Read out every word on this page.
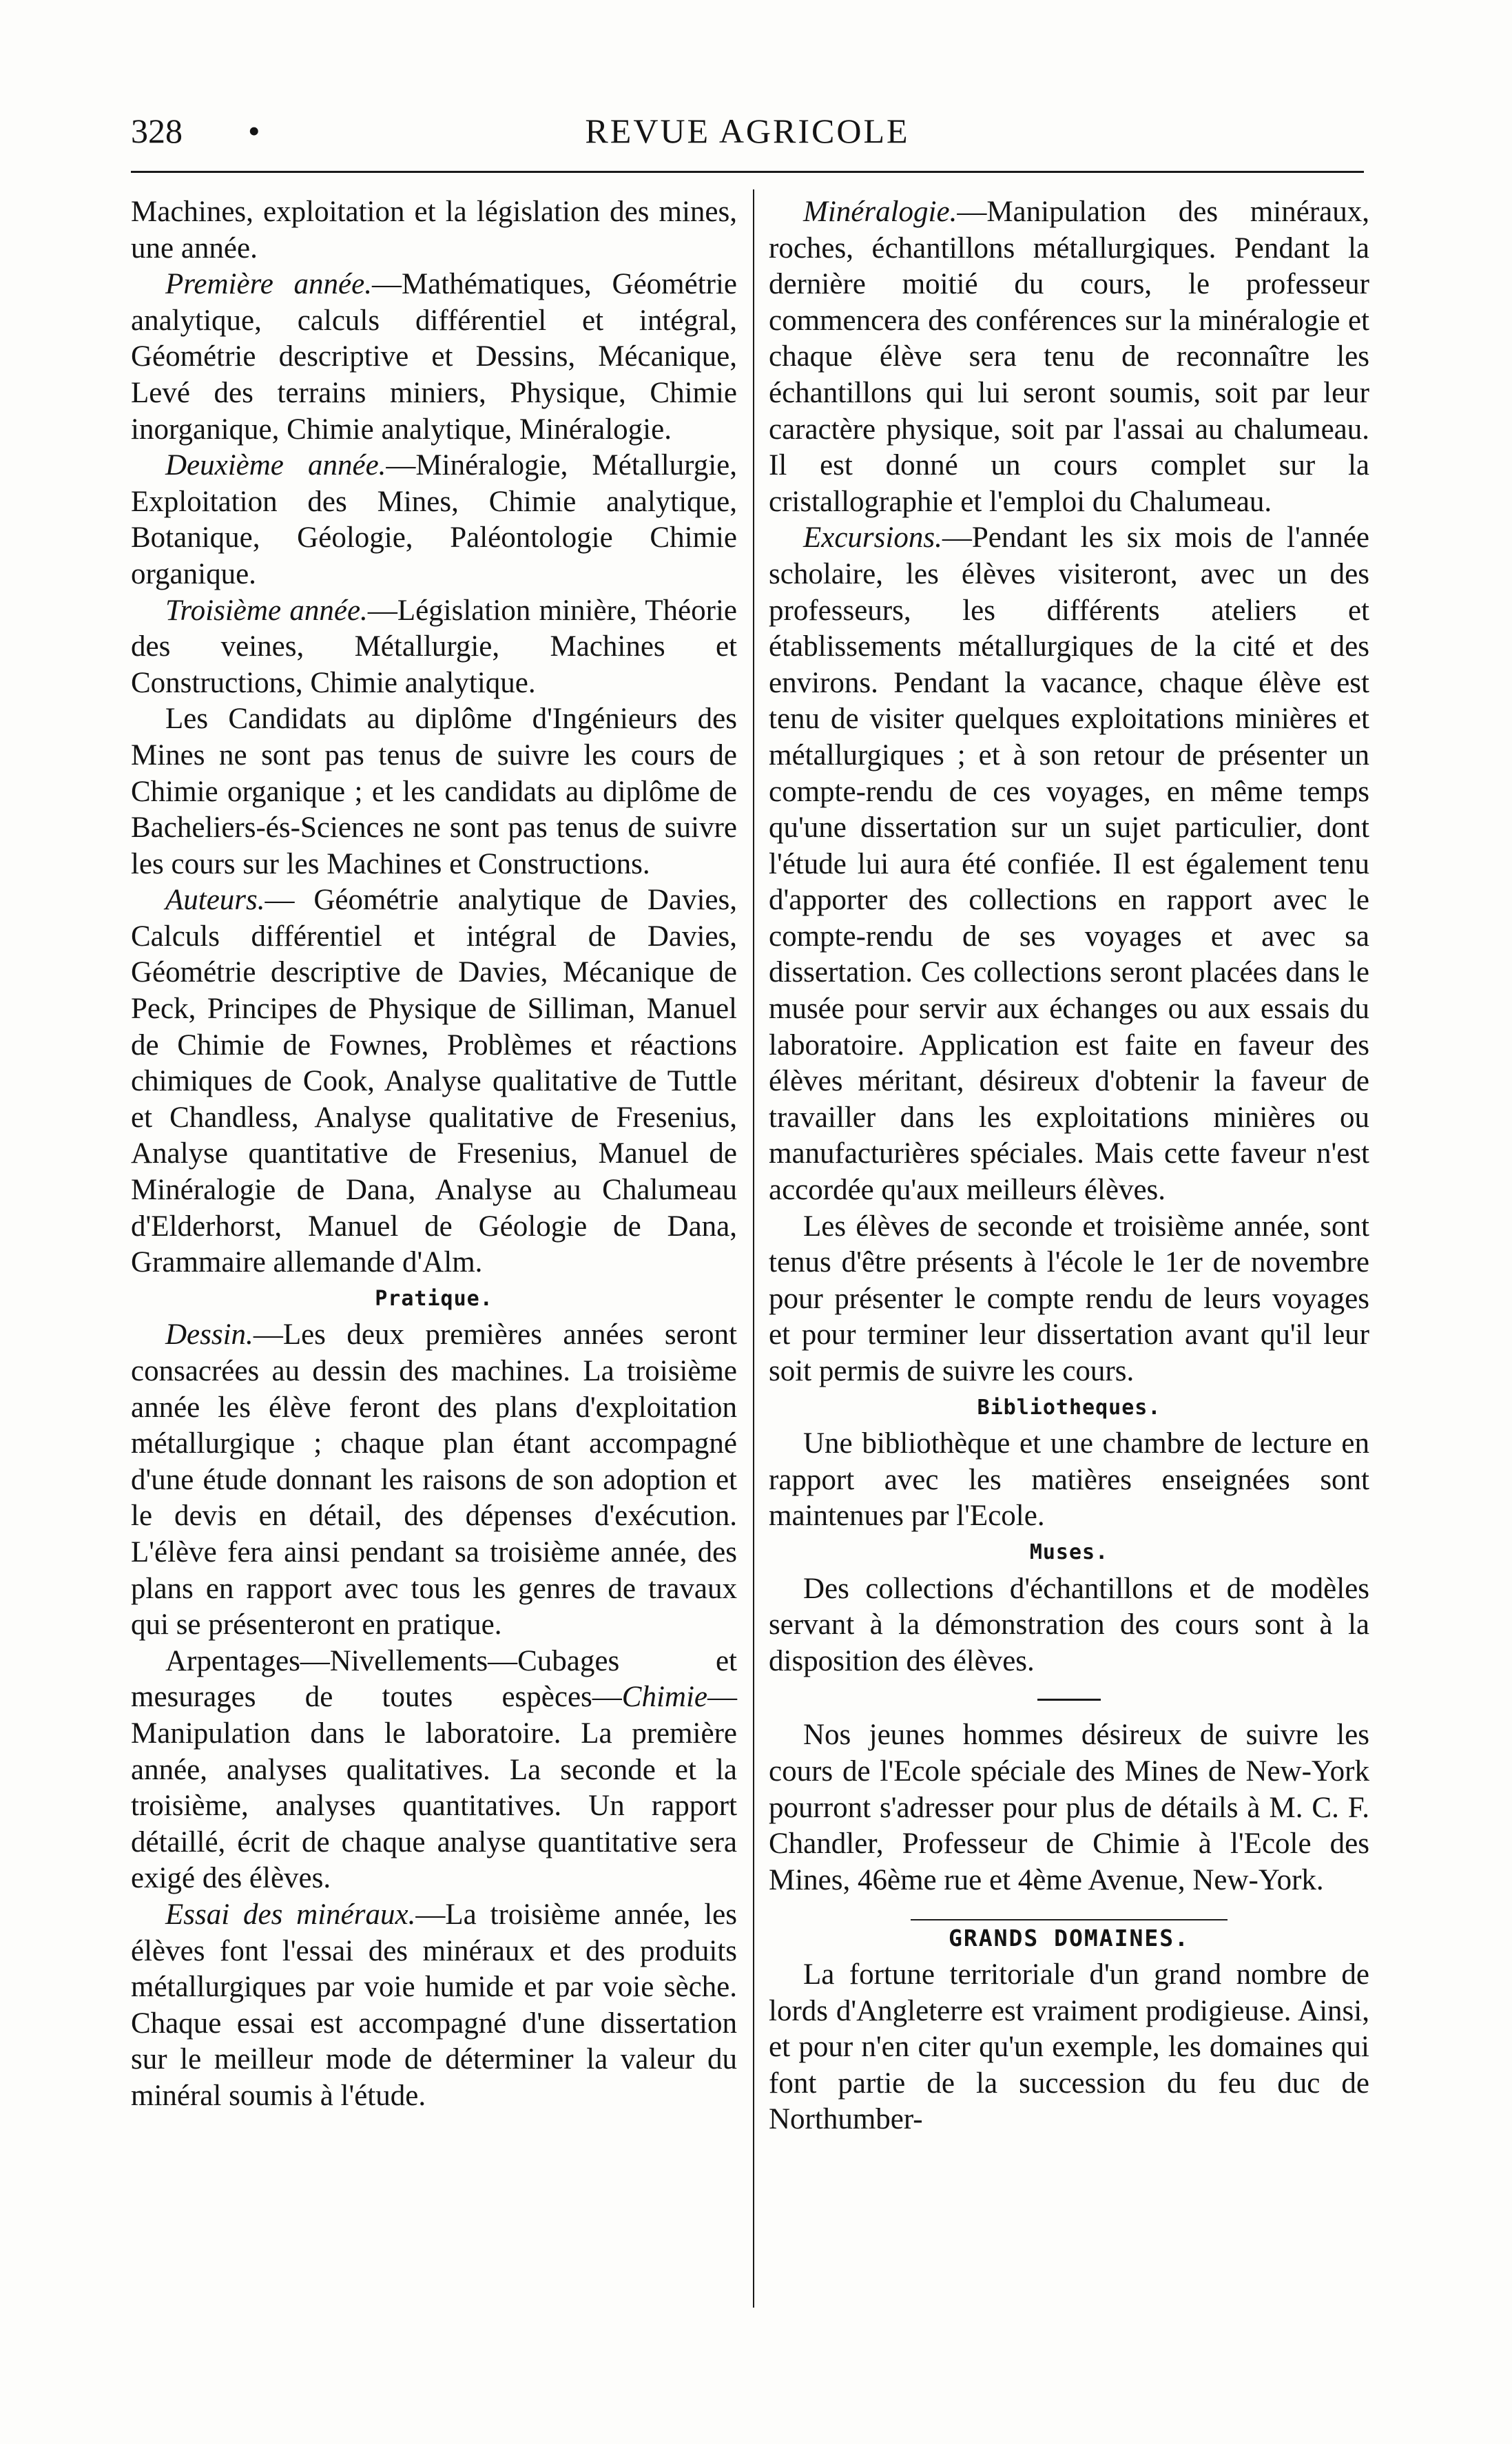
REVUE AGRICOLE
328 •

Machines, exploitation et la législation des mines, une année.

Première année.—Mathématiques, Géométrie analytique, calculs différentiel et intégral, Géométrie descriptive et Dessins, Mécanique, Levé des terrains miniers, Physique, Chimie inorganique, Chimie analytique, Minéralogie.

Deuxième année.—Minéralogie, Métallurgie, Exploitation des Mines, Chimie analytique, Botanique, Géologie, Paléontologie Chimie organique.

Troisième année.—Législation minière, Théorie des veines, Métallurgie, Machines et Constructions, Chimie analytique.

Les Candidats au diplôme d'Ingénieurs des Mines ne sont pas tenus de suivre les cours de Chimie organique ; et les candidats au diplôme de Bacheliers-és-Sciences ne sont pas tenus de suivre les cours sur les Machines et Constructions.

Auteurs.— Géométrie analytique de Davies, Calculs différentiel et intégral de Davies, Géométrie descriptive de Davies, Mécanique de Peck, Principes de Physique de Silliman, Manuel de Chimie de Fownes, Problèmes et réactions chimiques de Cook, Analyse qualitative de Tuttle et Chandless, Analyse qualitative de Fresenius, Analyse quantitative de Fresenius, Manuel de Minéralogie de Dana, Analyse au Chalumeau d'Elderhorst, Manuel de Géologie de Dana, Grammaire allemande d'Alm.

Pratique.

Dessin.—Les deux premières années seront consacrées au dessin des machines. La troisième année les élève feront des plans d'exploitation métallurgique ; chaque plan étant accompagné d'une étude donnant les raisons de son adoption et le devis en détail, des dépenses d'exécution. L'élève fera ainsi pendant sa troisième année, des plans en rapport avec tous les genres de travaux qui se présenteront en pratique.

Arpentages—Nivellements—Cubages et mesurages de toutes espèces—Chimie—Manipulation dans le laboratoire. La première année, analyses qualitatives. La seconde et la troisième, analyses quantitatives. Un rapport détaillé, écrit de chaque analyse quantitative sera exigé des élèves.

Essai des minéraux.—La troisième année, les élèves font l'essai des minéraux et des produits métallurgiques par voie humide et par voie sèche. Chaque essai est accompagné d'une dissertation sur le meilleur mode de déterminer la valeur du minéral soumis à l'étude.

Minéralogie.—Manipulation des minéraux, roches, échantillons métallurgiques. Pendant la dernière moitié du cours, le professeur commencera des conférences sur la minéralogie et chaque élève sera tenu de reconnaître les échantillons qui lui seront soumis, soit par leur caractère physique, soit par l'assai au chalumeau. Il est donné un cours complet sur la cristallographie et l'emploi du Chalumeau.

Excursions.—Pendant les six mois de l'année scholaire, les élèves visiteront, avec un des professeurs, les différents ateliers et établissements métallurgiques de la cité et des environs. Pendant la vacance, chaque élève est tenu de visiter quelques exploitations minières et métallurgiques ; et à son retour de présenter un compte-rendu de ces voyages, en même temps qu'une dissertation sur un sujet particulier, dont l'étude lui aura été confiée. Il est également tenu d'apporter des collections en rapport avec le compte-rendu de ses voyages et avec sa dissertation. Ces collections seront placées dans le musée pour servir aux échanges ou aux essais du laboratoire. Application est faite en faveur des élèves méritant, désireux d'obtenir la faveur de travailler dans les exploitations minières ou manufacturières spéciales. Mais cette faveur n'est accordée qu'aux meilleurs élèves.

Les élèves de seconde et troisième année, sont tenus d'être présents à l'école le 1er de novembre pour présenter le compte rendu de leurs voyages et pour terminer leur dissertation avant qu'il leur soit permis de suivre les cours.

Bibliotheques.

Une bibliothèque et une chambre de lecture en rapport avec les matières enseignées sont maintenues par l'Ecole.

Muses.

Des collections d'échantillons et de modèles servant à la démonstration des cours sont à la disposition des élèves.

Nos jeunes hommes désireux de suivre les cours de l'Ecole spéciale des Mines de New-York pourront s'adresser pour plus de détails à M. C. F. Chandler, Professeur de Chimie à l'Ecole des Mines, 46ème rue et 4ème Avenue, New-York.

GRANDS DOMAINES.

La fortune territoriale d'un grand nombre de lords d'Angleterre est vraiment prodigieuse. Ainsi, et pour n'en citer qu'un exemple, les domaines qui font partie de la succession du feu duc de Northumber-
